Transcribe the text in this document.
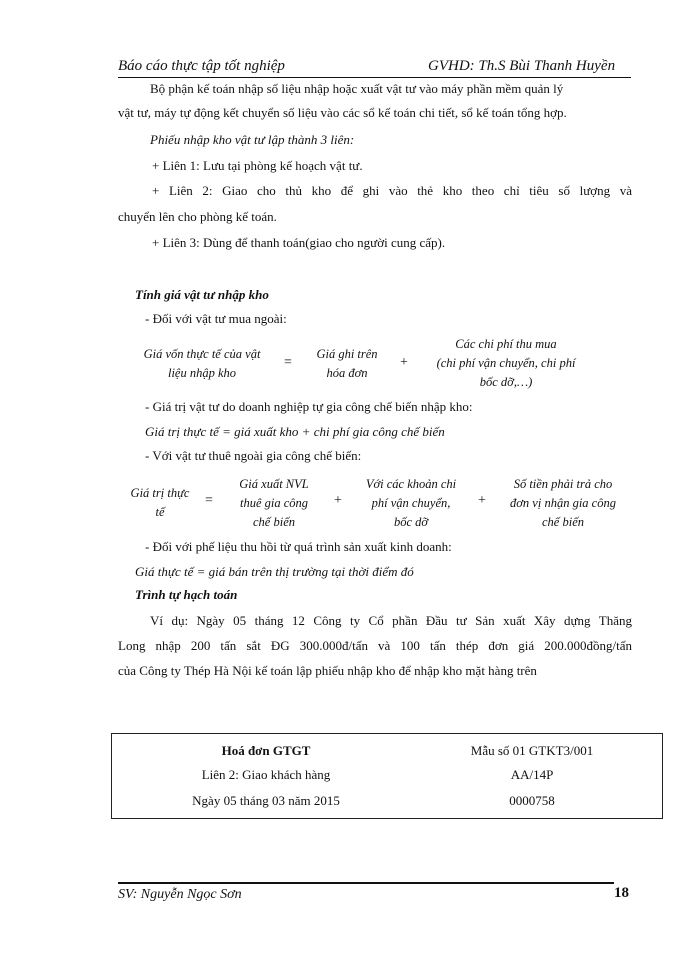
Báo cáo thực tập tốt nghiệp	GVHD: Th.S Bùi Thanh Huyền
Bộ phận kế toán nhập số liệu nhập hoặc xuất vật tư vào máy phần mềm quản lý
vật tư, máy tự động kết chuyển số liệu vào các sổ kế toán chi tiết, sổ kế toán tổng hợp.
Phiếu nhập kho vật tư lập thành 3 liên:
+ Liên 1: Lưu tại phòng kế hoạch vật tư.
+ Liên 2: Giao cho thủ kho để ghi vào thẻ kho theo chỉ tiêu số lượng và
chuyển lên cho phòng kế toán.
+ Liên 3: Dùng để thanh toán(giao cho người cung cấp).
Tính giá vật tư nhập kho
- Đối với vật tư mua ngoài:
Giá vốn thực tế của vật
liệu nhập kho
=
Giá ghi trên
hóa đơn
+
Các chi phí thu mua
(chi phí vận chuyển, chi phí
bốc dỡ,…)
- Giá trị vật tư do doanh nghiệp tự gia công chế biến nhập kho:
Giá trị thực tế = giá xuất kho + chi phí gia công chế biến
- Với vật tư thuê ngoài gia công chế biến:
Giá trị thực
tế
=
Giá xuất NVL
thuê gia công
chế biến
+
Với các khoản chi
phí vận chuyển,
bốc dỡ
+
Số tiền phải trả cho
đơn vị nhận gia công
chế biến
- Đối với phế liệu thu hồi từ quá trình sản xuất kinh doanh:
Giá thực tế = giá bán trên thị trường tại thời điểm đó
Trình tự hạch toán
Ví dụ: Ngày 05 tháng 12 Công ty Cổ phần Đầu tư Sản xuất Xây dựng Thăng
Long nhập 200 tấn sắt ĐG 300.000đ/tấn và 100 tấn thép đơn giá 200.000đồng/tấn
của Công ty Thép Hà Nội kế toán lập phiếu nhập kho để nhập kho mặt hàng trên
Hoá đơn GTGT
Liên 2: Giao khách hàng
Ngày 05 tháng 03 năm 2015
Mẫu số 01 GTKT3/001
AA/14P
0000758
SV: Nguyễn Ngọc Sơn	18
